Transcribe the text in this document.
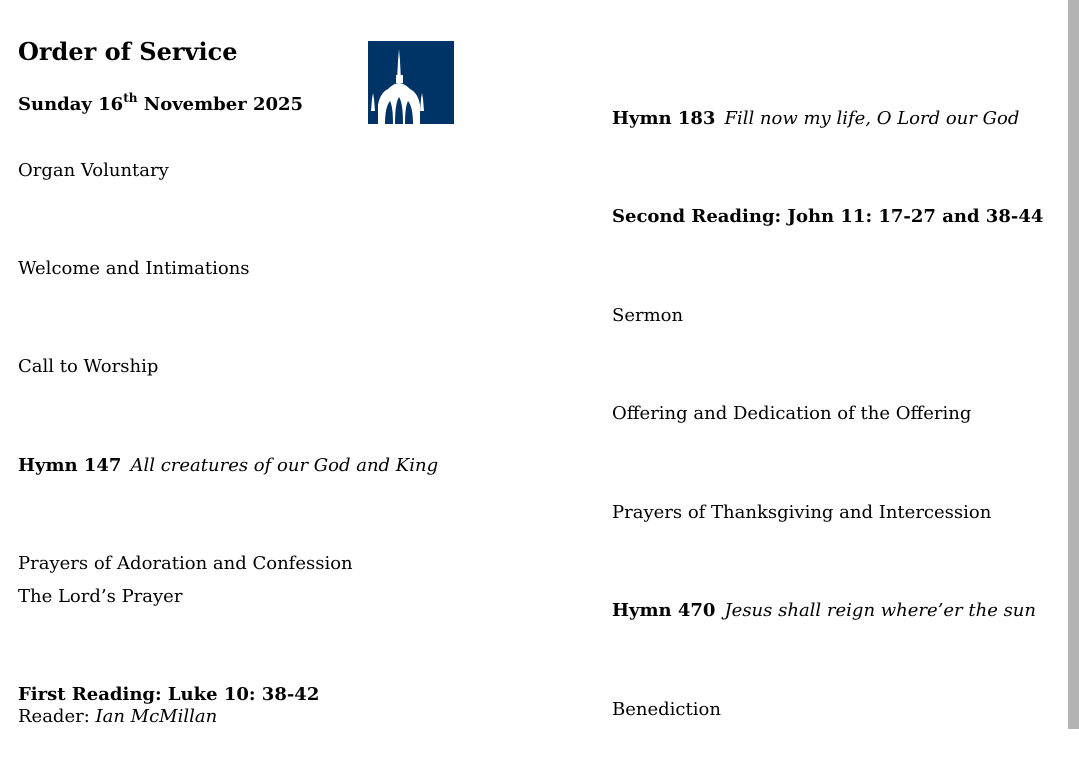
Order of Service
Sunday 16th November 2025
Organ Voluntary
Welcome and Intimations
Call to Worship
Hymn 147 All creatures of our God and King
Prayers of Adoration and Confession
The Lord’s Prayer
First Reading: Luke 10: 38-42
Reader: Ian McMillan
Hymn 183 Fill now my life, O Lord our God
Second Reading: John 11: 17-27 and 38-44
Sermon
Offering and Dedication of the Offering
Prayers of Thanksgiving and Intercession
Hymn 470 Jesus shall reign where’er the sun
Benediction
